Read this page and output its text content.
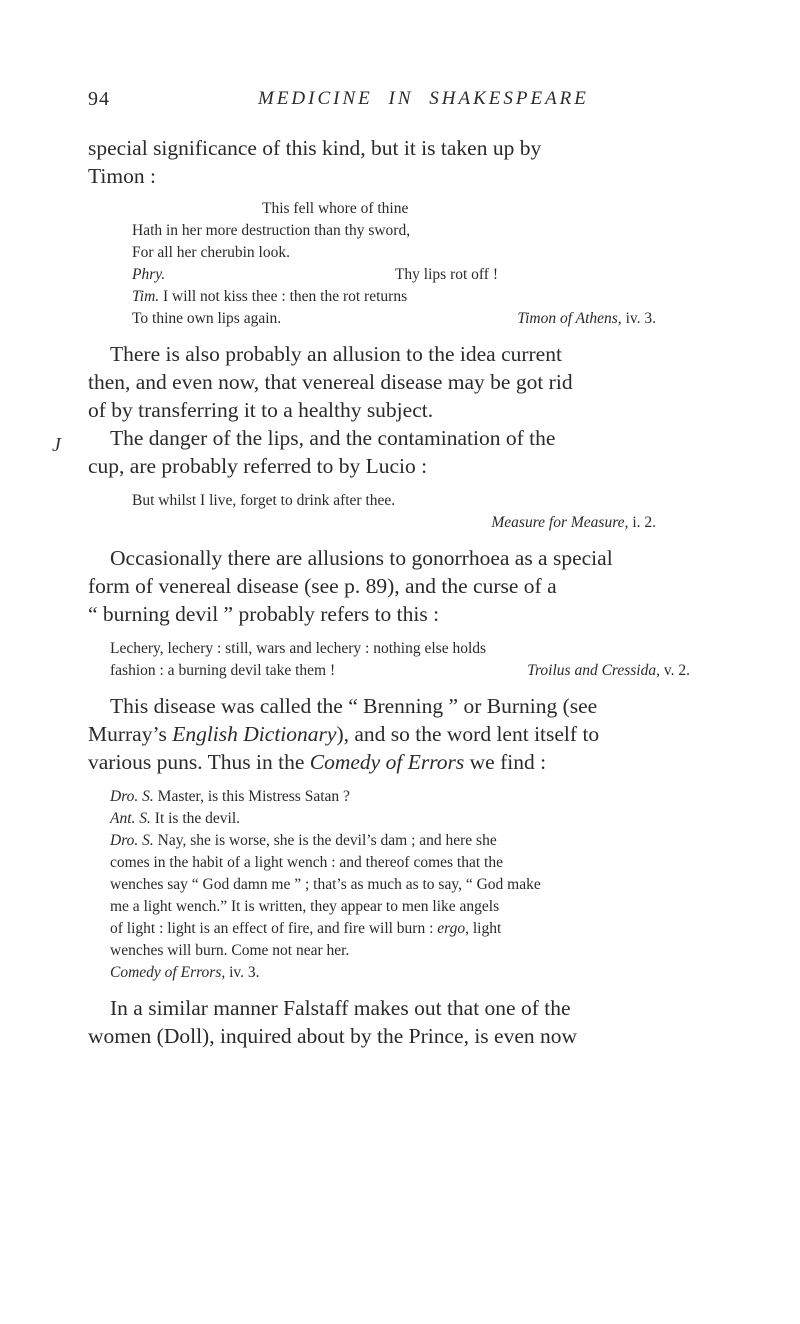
94	MEDICINE IN SHAKESPEARE
J
special significance of this kind, but it is taken up by
Timon :
This fell whore of thine
Hath in her more destruction than thy sword,
For all her cherubin look.
Phry.	Thy lips rot off !
Tim. I will not kiss thee : then the rot returns
To thine own lips again.	Timon of Athens, iv. 3.
There is also probably an allusion to the idea current
then, and even now, that venereal disease may be got rid
of by transferring it to a healthy subject.
The danger of the lips, and the contamination of the
cup, are probably referred to by Lucio :
But whilst I live, forget to drink after thee.
Measure for Measure, i. 2.
Occasionally there are allusions to gonorrhoea as a special
form of venereal disease (see p. 89), and the curse of a
“ burning devil ” probably refers to this :
Lechery, lechery : still, wars and lechery : nothing else holds
fashion : a burning devil take them !	Troilus and Cressida, v. 2.
This disease was called the “ Brenning ” or Burning (see
Murray’s English Dictionary), and so the word lent itself to
various puns. Thus in the Comedy of Errors we find :
Dro. S. Master, is this Mistress Satan ?
Ant. S. It is the devil.
Dro. S. Nay, she is worse, she is the devil’s dam ; and here she
comes in the habit of a light wench : and thereof comes that the
wenches say “ God damn me ” ; that’s as much as to say, “ God make
me a light wench.” It is written, they appear to men like angels
of light : light is an effect of fire, and fire will burn : ergo, light
wenches will burn. Come not near her.
Comedy of Errors, iv. 3.
In a similar manner Falstaff makes out that one of the
women (Doll), inquired about by the Prince, is even now
